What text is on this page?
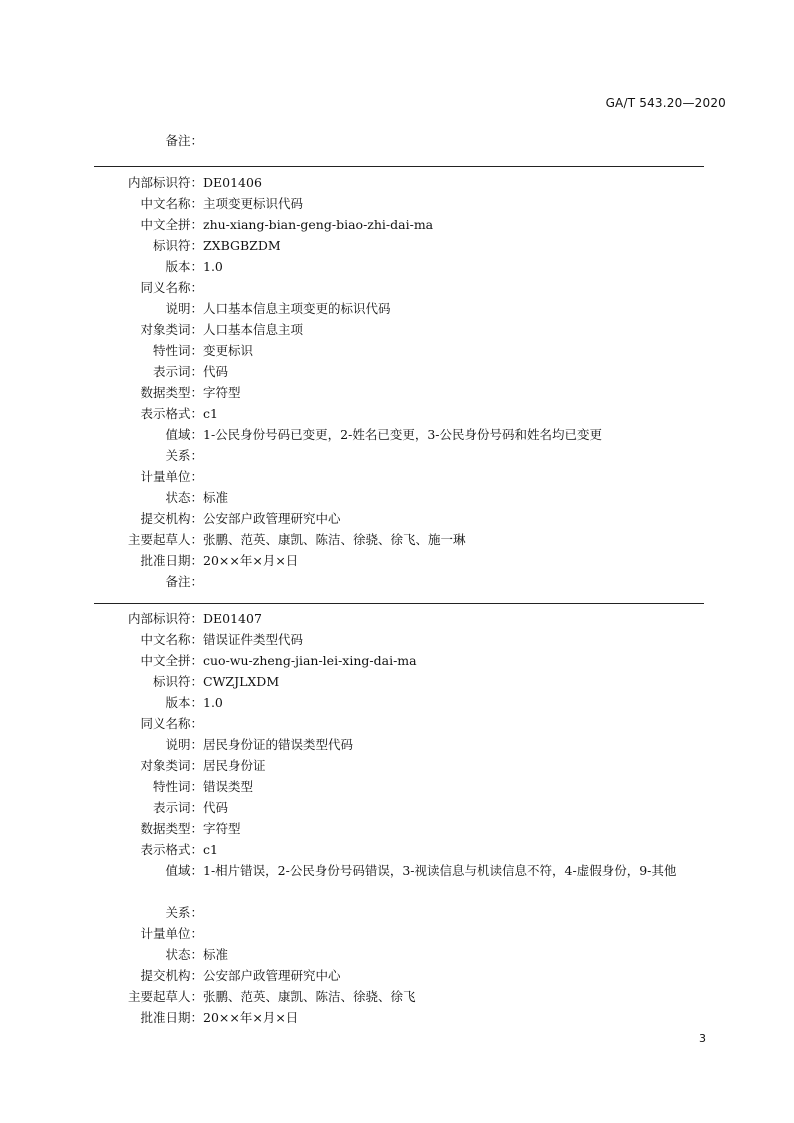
GA/T 543.20—2020
备注：
内部标识符： DE01406
中文名称： 主项变更标识代码
中文全拼： zhu-xiang-bian-geng-biao-zhi-dai-ma
标识符： ZXBGBZDM
版本： 1.0
同义名称：
说明： 人口基本信息主项变更的标识代码
对象类词： 人口基本信息主项
特性词： 变更标识
表示词： 代码
数据类型： 字符型
表示格式： c1
值域： 1-公民身份号码已变更，2-姓名已变更，3-公民身份号码和姓名均已变更
关系：
计量单位：
状态： 标准
提交机构： 公安部户政管理研究中心
主要起草人： 张鹏、范英、康凯、陈洁、徐骁、徐飞、施一琳
批准日期： 20××年×月×日
备注：
内部标识符： DE01407
中文名称： 错误证件类型代码
中文全拼： cuo-wu-zheng-jian-lei-xing-dai-ma
标识符： CWZJLXDM
版本： 1.0
同义名称：
说明： 居民身份证的错误类型代码
对象类词： 居民身份证
特性词： 错误类型
表示词： 代码
数据类型： 字符型
表示格式： c1
值域： 1-相片错误，2-公民身份号码错误，3-视读信息与机读信息不符，4-虚假身份，9-其他
关系：
计量单位：
状态： 标准
提交机构： 公安部户政管理研究中心
主要起草人： 张鹏、范英、康凯、陈洁、徐骁、徐飞
批准日期： 20××年×月×日
3
